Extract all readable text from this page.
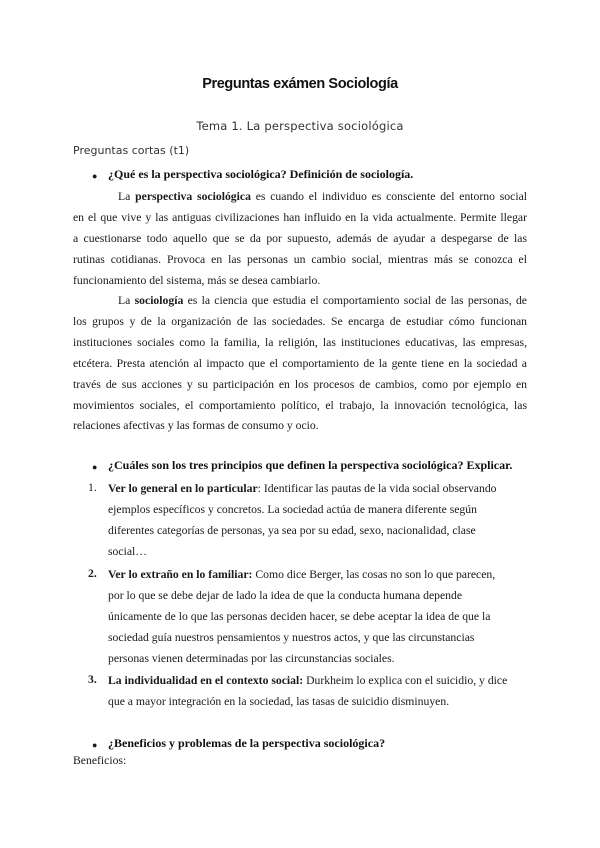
Preguntas exámen Sociología
Tema 1. La perspectiva sociológica
Preguntas cortas (t1)
● ¿Qué es la perspectiva sociológica? Definición de sociología.
La perspectiva sociológica es cuando el individuo es consciente del entorno social
en el que vive y las antiguas civilizaciones han influido en la vida actualmente. Permite llegar
a cuestionarse todo aquello que se da por supuesto, además de ayudar a despegarse de las
rutinas cotidianas. Provoca en las personas un cambio social, mientras más se conozca el
funcionamiento del sistema, más se desea cambiarlo.
La sociología es la ciencia que estudia el comportamiento social de las personas, de
los grupos y de la organización de las sociedades. Se encarga de estudiar cómo funcionan
instituciones sociales como la familia, la religión, las instituciones educativas, las empresas,
etcétera. Presta atención al impacto que el comportamiento de la gente tiene en la sociedad a
través de sus acciones y su participación en los procesos de cambios, como por ejemplo en
movimientos sociales, el comportamiento político, el trabajo, la innovación tecnológica, las
relaciones afectivas y las formas de consumo y ocio.
● ¿Cuáles son los tres principios que definen la perspectiva sociológica? Explicar.
1. Ver lo general en lo particular: Identificar las pautas de la vida social observando
ejemplos específicos y concretos. La sociedad actúa de manera diferente según
diferentes categorías de personas, ya sea por su edad, sexo, nacionalidad, clase
social…
2. Ver lo extraño en lo familiar: Como dice Berger, las cosas no son lo que parecen,
por lo que se debe dejar de lado la idea de que la conducta humana depende
únicamente de lo que las personas deciden hacer, se debe aceptar la idea de que la
sociedad guía nuestros pensamientos y nuestros actos, y que las circunstancias
personas vienen determinadas por las circunstancias sociales.
3. La individualidad en el contexto social: Durkheim lo explica con el suicidio, y dice
que a mayor integración en la sociedad, las tasas de suicidio disminuyen.
● ¿Beneficios y problemas de la perspectiva sociológica?
Beneficios:
